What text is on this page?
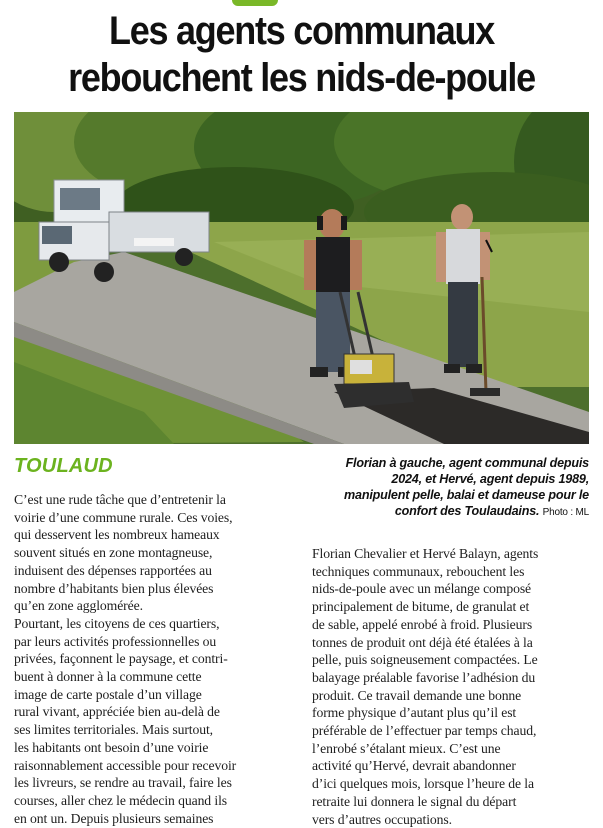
Les agents communaux
rebouchent les nids-de-poule
TOULAUD	Florian à gauche, agent communal depuis
2024, et Hervé, agent depuis 1989,
manipulent pelle, balai et dameuse pour le
confort des Toulaudains. Photo : ML

C’est une rude tâche que d’entretenir la

voirie d’une commune rurale. Ces voies,

qui desservent les nombreux hameaux

souvent situés en zone montagneuse,

induisent des dépenses rapportées au

nombre d’habitants bien plus élevées

qu’en zone agglomérée.

Pourtant, les citoyens de ces quartiers,

par leurs activités professionnelles ou

privées, façonnent le paysage, et contri-

buent à donner à la commune cette

image de carte postale d’un village

rural vivant, appréciée bien au-delà de

ses limites territoriales. Mais surtout,

les habitants ont besoin d’une voirie

raisonnablement accessible pour recevoir

les livreurs, se rendre au travail, faire les

courses, aller chez le médecin quand ils

en ont un. Depuis plusieurs semaines

Florian Chevalier et Hervé Balayn, agents

techniques communaux, rebouchent les

nids-de-poule avec un mélange composé

principalement de bitume, de granulat et

de sable, appelé enrobé à froid. Plusieurs

tonnes de produit ont déjà été étalées à la

pelle, puis soigneusement compactées. Le

balayage préalable favorise l’adhésion du

produit. Ce travail demande une bonne

forme physique d’autant plus qu’il est

préférable de l’effectuer par temps chaud,

l’enrobé s’étalant mieux. C’est une

activité qu’Hervé, devrait abandonner

d’ici quelques mois, lorsque l’heure de la

retraite lui donnera le signal du départ

vers d’autres occupations.
